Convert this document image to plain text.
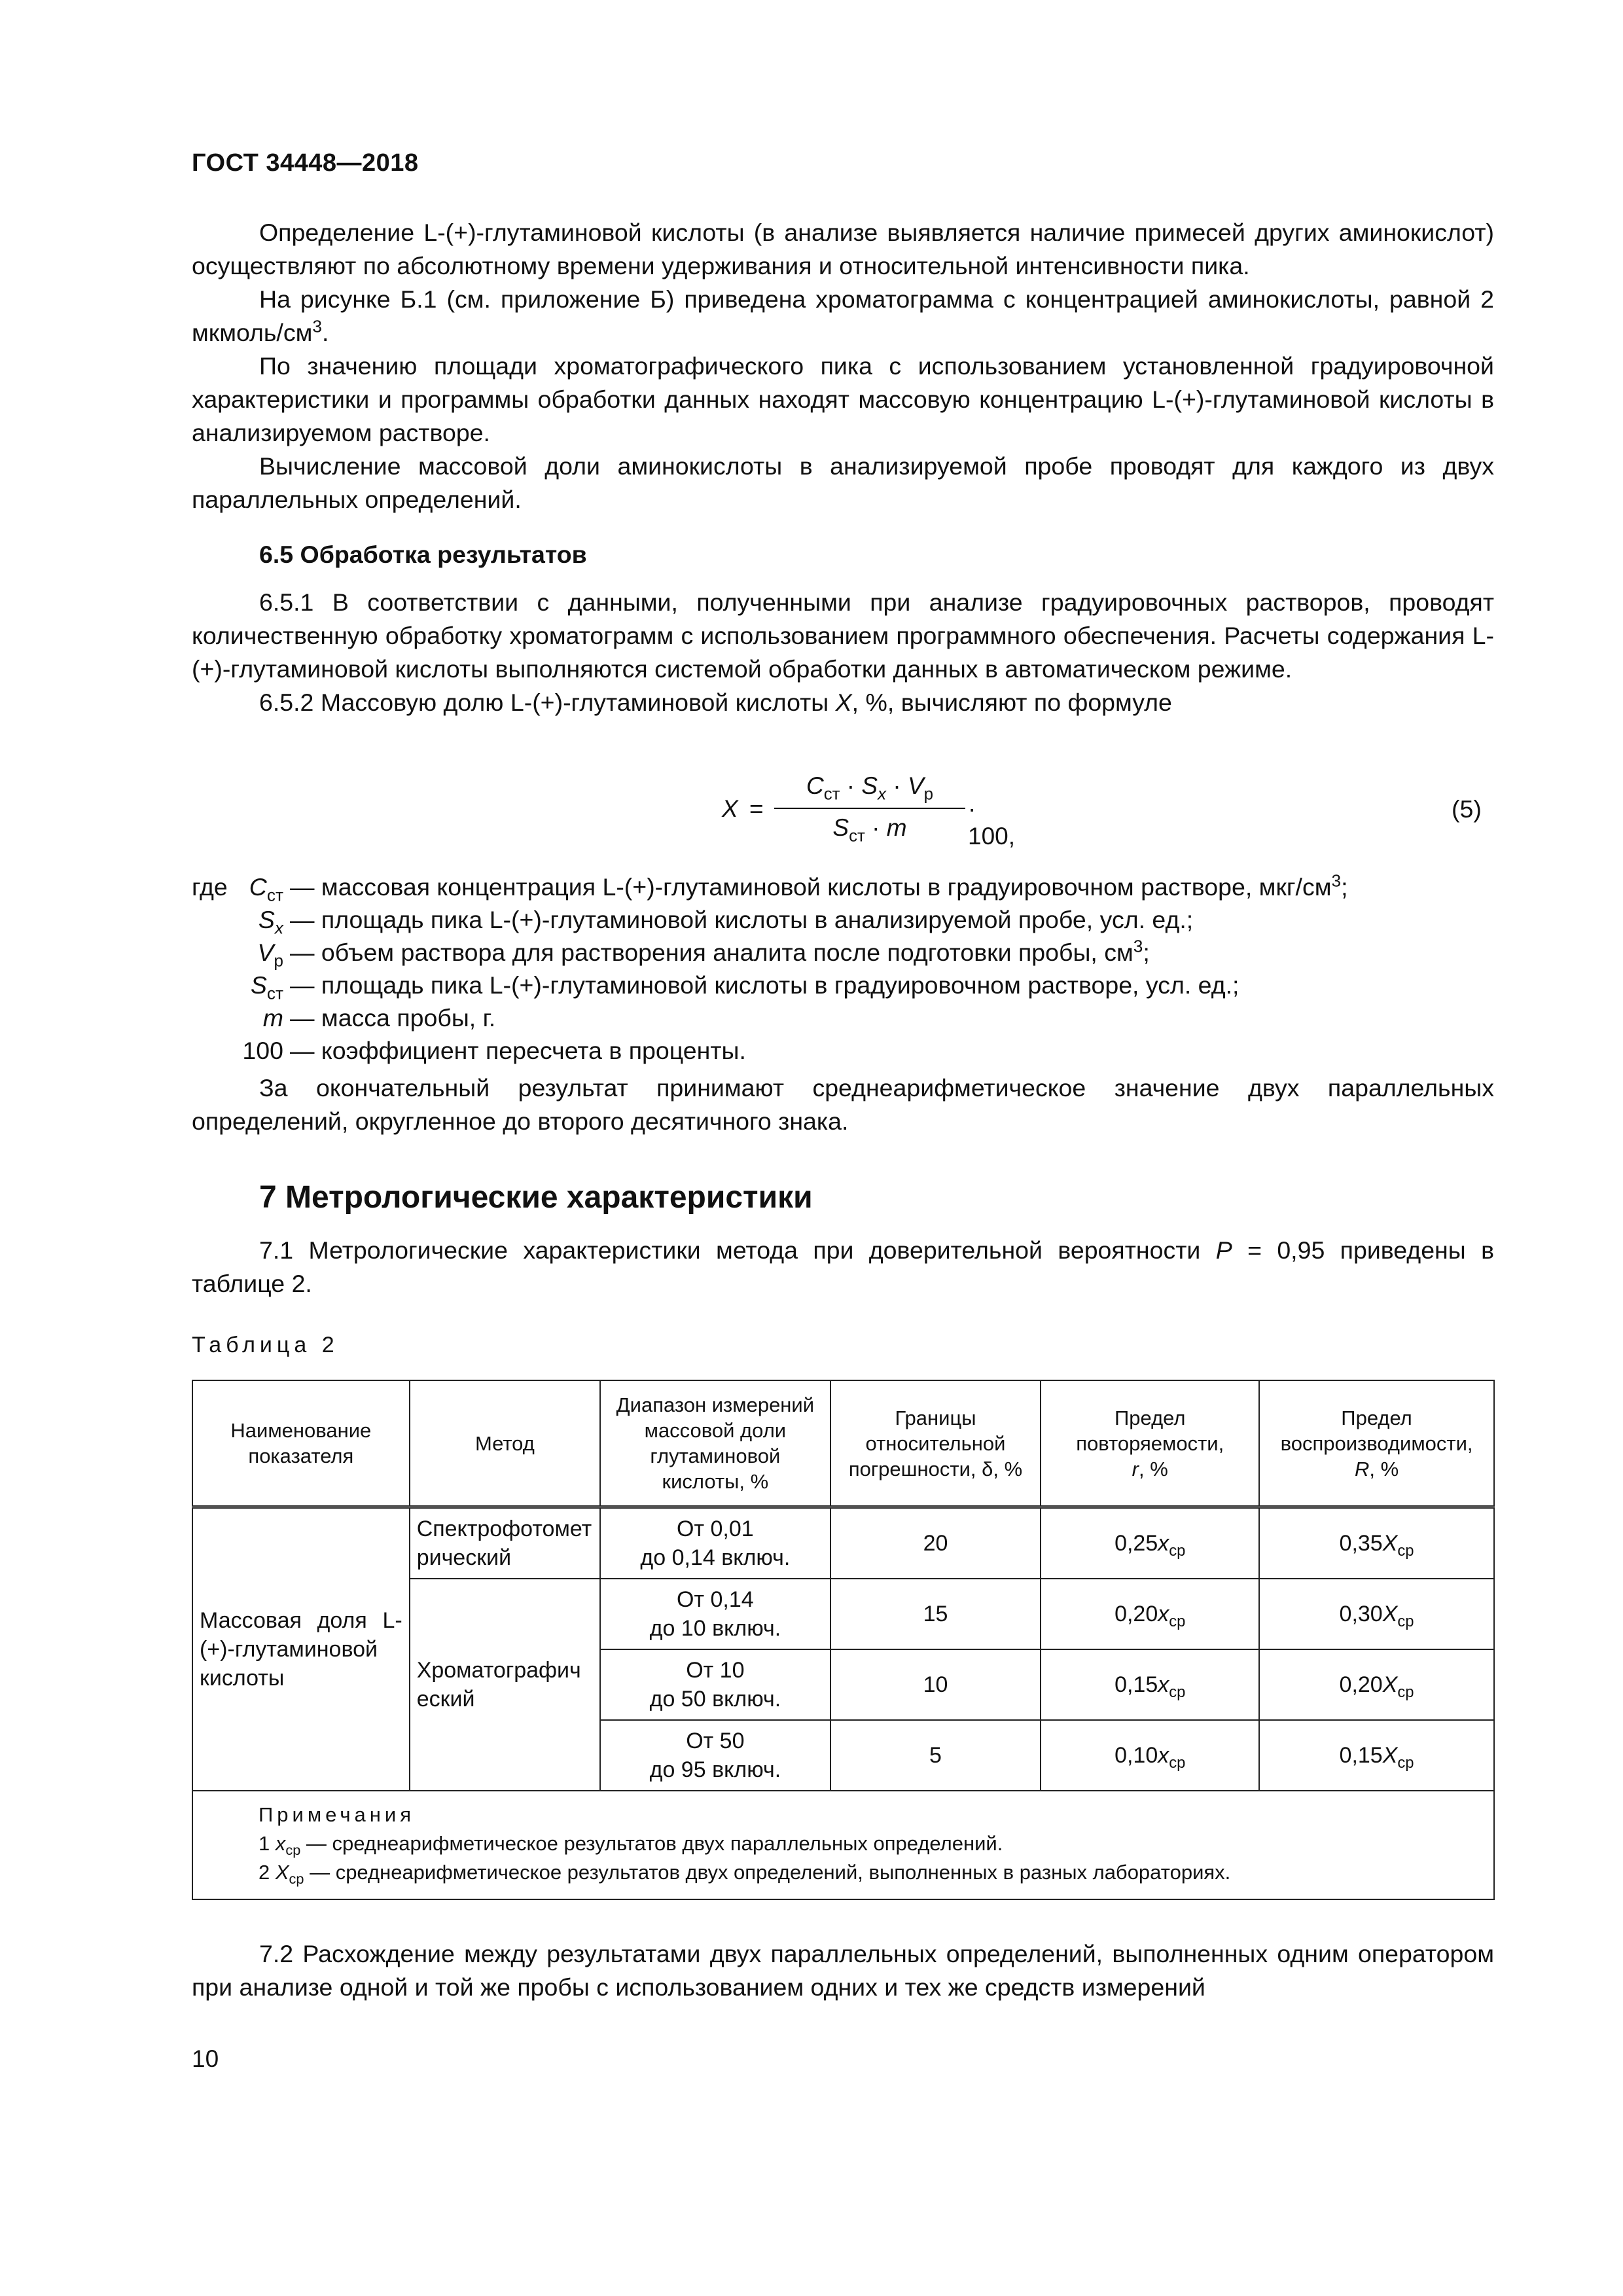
ГОСТ 34448—2018

Определение L-(+)-глутаминовой кислоты (в анализе выявляется наличие примесей других аминокислот) осуществляют по абсолютному времени удерживания и относительной интенсивности пика.

На рисунке Б.1 (см. приложение Б) приведена хроматограмма с концентрацией аминокислоты, равной 2 мкмоль/$см^3$.

По значению площади хроматографического пика с использованием установленной градуировочной характеристики и программы обработки данных находят массовую концентрацию L-(+)-глутаминовой кислоты в анализируемом растворе.

Вычисление массовой доли аминокислоты в анализируемой пробе проводят для каждого из двух параллельных определений.

6.5 Обработка результатов

6.5.1 В соответствии с данными, полученными при анализе градуировочных растворов, проводят количественную обработку хроматограмм с использованием программного обеспечения. Расчеты содержания L-(+)-глутаминовой кислоты выполняются системой обработки данных в автоматическом режиме.

6.5.2 Массовую долю L-(+)-глутаминовой кислоты X, %, вычисляют по формуле

X =
$C_{ст} \cdot S_x \cdot V_р$
$S_{ст} \cdot m$
· 100,
(5)
где $C_{ст}$ — массовая концентрация L-(+)-глутаминовой кислоты в градуировочном растворе, мкг/$см^3$;
$S_x$ — площадь пика L-(+)-глутаминовой кислоты в анализируемой пробе, усл. ед.;
$V_р$ — объем раствора для растворения аналита после подготовки пробы, $см^3$;
$S_{ст}$ — площадь пика L-(+)-глутаминовой кислоты в градуировочном растворе, усл. ед.;
m — масса пробы, г.
100 — коэффициент пересчета в проценты.

За окончательный результат принимают среднеарифметическое значение двух параллельных определений, округленное до второго десятичного знака.

7 Метрологические характеристики

7.1 Метрологические характеристики метода при доверительной вероятности P = 0,95 приведены в таблице 2.

Таблица 2
Наименование показателя	Метод	Диапазон измерений массовой доли глутаминовой кислоты, %	Границы относительной погрешности, δ, %	Предел повторяемости,
r, %	Предел воспроизводимости,
R, %
Массовая доля L-(+)-глутаминовой кислоты	Спектрофотометрический	От 0,01
до 0,14 включ.	20	$0,25x_{ср}$	$0,35X_{ср}$
	Хроматографический	От 0,14
до 10 включ.	15	$0,20x_{ср}$	$0,30X_{ср}$
		От 10
до 50 включ.	10	$0,15x_{ср}$	$0,20X_{ср}$
		От 50
до 95 включ.	5	$0,10x_{ср}$	$0,15X_{ср}$

Примечания
1 $x_{ср}$ — среднеарифметическое результатов двух параллельных определений.
2 $X_{ср}$ — среднеарифметическое результатов двух определений, выполненных в разных лабораториях.					

7.2 Расхождение между результатами двух параллельных определений, выполненных одним оператором при анализе одной и той же пробы с использованием одних и тех же средств измерений

10
